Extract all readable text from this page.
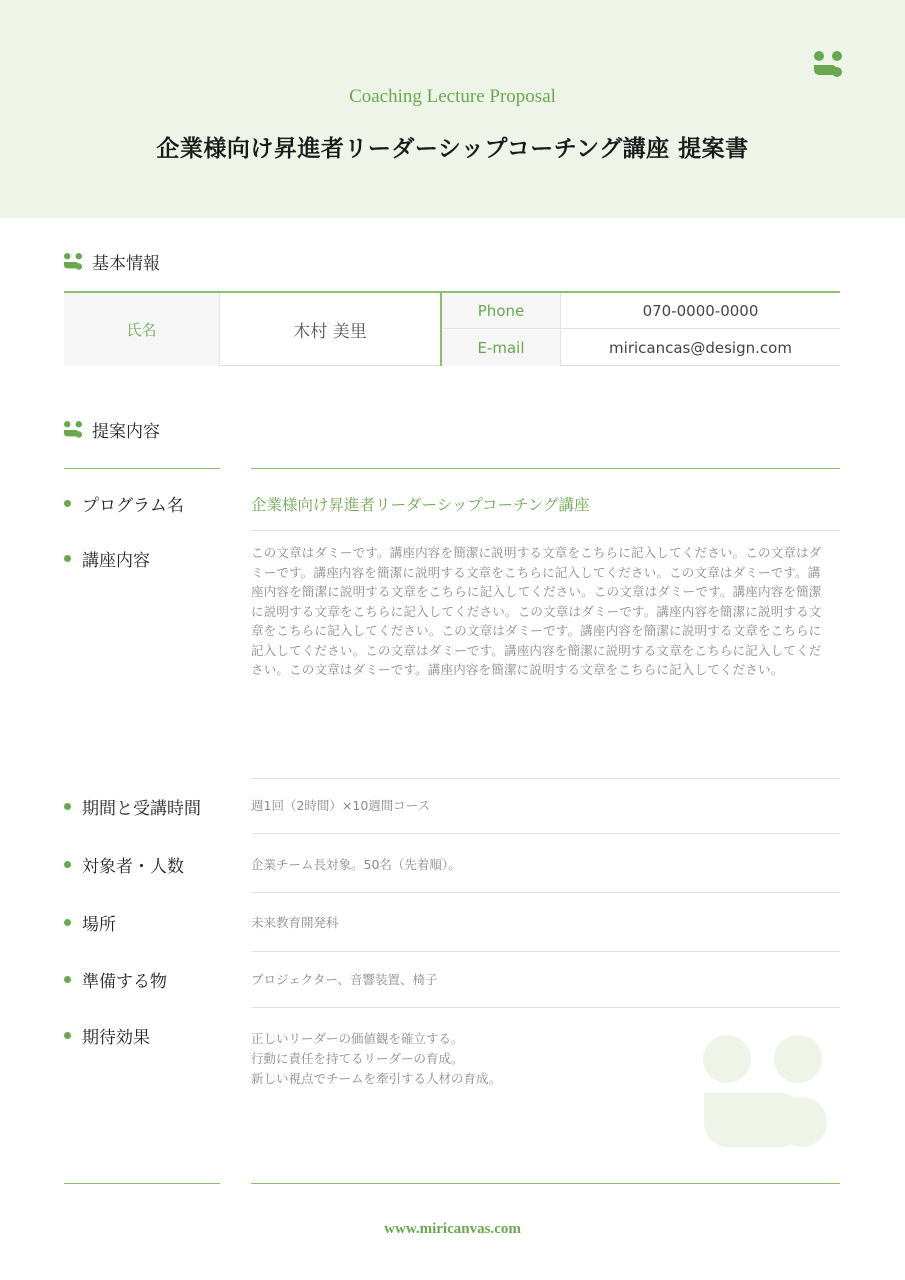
Coaching Lecture Proposal
企業様向け昇進者リーダーシップコーチング講座 提案書
基本情報
氏名	木村 美里
Phone	070-0000-0000
E-mail	miricancas@design.com
提案内容
プログラム名	企業様向け昇進者リーダーシップコーチング講座
講座内容	この文章はダミーです。講座内容を簡潔に説明する文章をこちらに記入してください。この文章はダミーです。講座内容を簡潔に説明する文章をこちらに記入してください。この文章はダミーです。講座内容を簡潔に説明する文章をこちらに記入してください。この文章はダミーです。講座内容を簡潔に説明する文章をこちらに記入してください。この文章はダミーです。講座内容を簡潔に説明する文章をこちらに記入してください。この文章はダミーです。講座内容を簡潔に説明する文章をこちらに記入してください。この文章はダミーです。講座内容を簡潔に説明する文章をこちらに記入してください。この文章はダミーです。講座内容を簡潔に説明する文章をこちらに記入してください。
期間と受講時間	週1回（2時間）×10週間コース
対象者・人数	企業チーム長対象。50名（先着順）。
場所	未来教育開発科
準備する物	プロジェクター、音響装置、椅子
期待効果	正しいリーダーの価値観を確立する。
行動に責任を持てるリーダーの育成。
新しい視点でチームを牽引する人材の育成。
www.miricanvas.com
